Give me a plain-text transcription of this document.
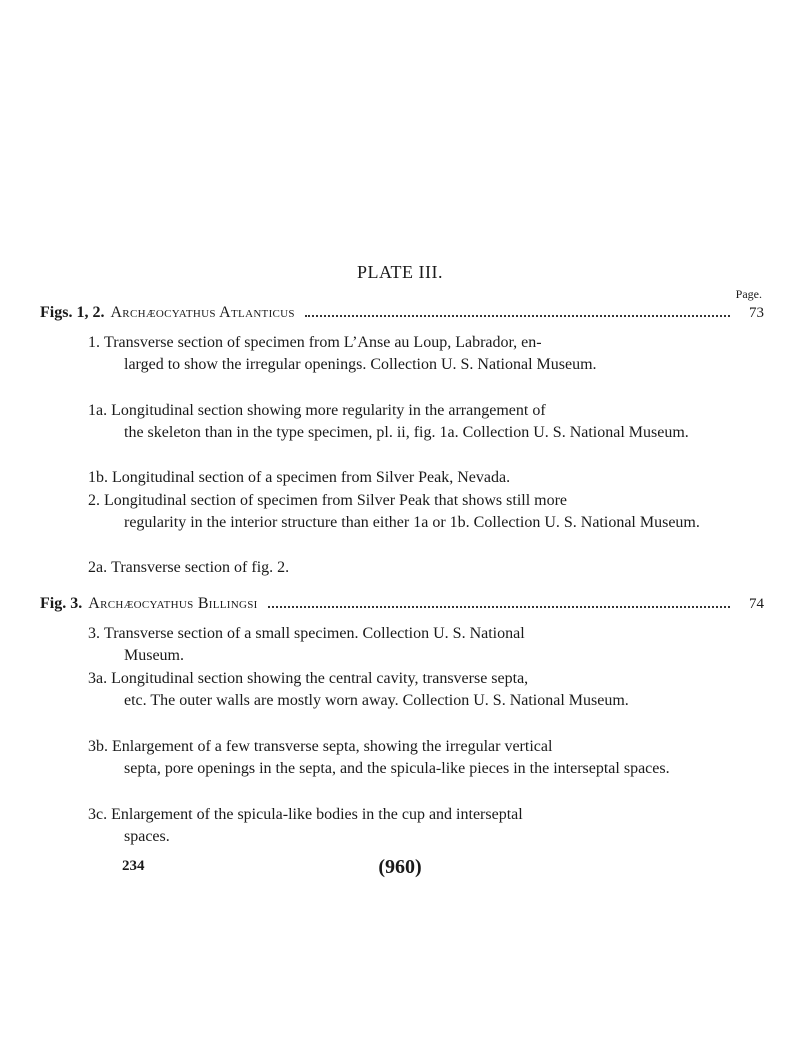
PLATE III.
Page.
Figs. 1, 2. Archæocyathus Atlanticus	73
1. Transverse section of specimen from L’Anse au Loup, Labrador, en-
larged to show the irregular openings. Collection U. S. National Museum.
1a. Longitudinal section showing more regularity in the arrangement of
the skeleton than in the type specimen, pl. ii, fig. 1a. Collection U. S. National Museum.
1b. Longitudinal section of a specimen from Silver Peak, Nevada.
2. Longitudinal section of specimen from Silver Peak that shows still more
regularity in the interior structure than either 1a or 1b. Collection U. S. National Museum.
2a. Transverse section of fig. 2.
Fig. 3. Archæocyathus Billingsi	74
3. Transverse section of a small specimen. Collection U. S. National
Museum.
3a. Longitudinal section showing the central cavity, transverse septa,
etc. The outer walls are mostly worn away. Collection U. S. National Museum.
3b. Enlargement of a few transverse septa, showing the irregular vertical
septa, pore openings in the septa, and the spicula-like pieces in the interseptal spaces.
3c. Enlargement of the spicula-like bodies in the cup and interseptal
spaces.
234	(960)
